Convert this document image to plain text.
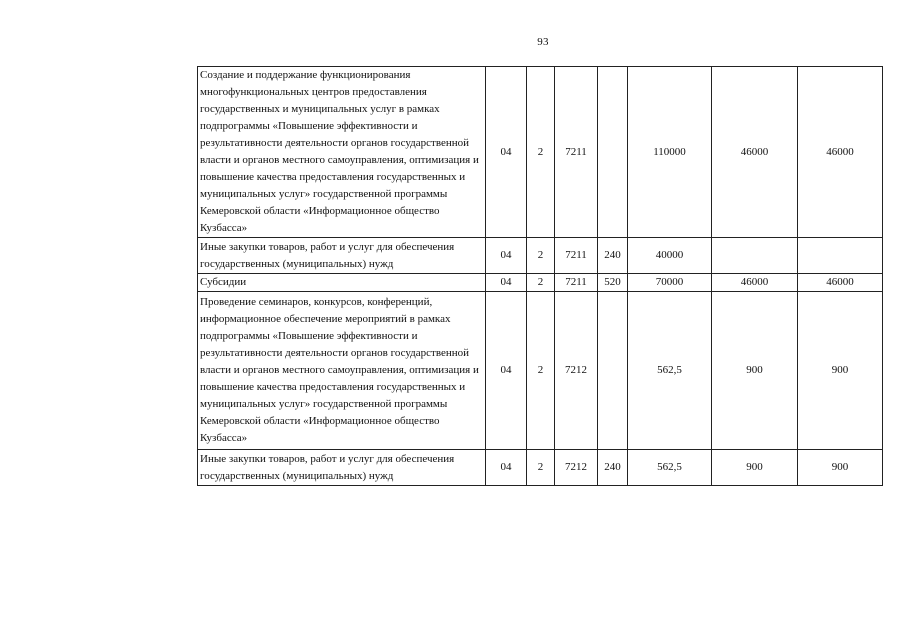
93
Создание и поддержание функционирования многофункциональных центров предоставления государственных и муниципальных услуг в рамках подпрограммы «Повышение эффективности и результативности деятельности органов государственной власти и органов местного самоуправления, оптимизация и повышение качества предоставления государственных и муниципальных услуг» государственной программы Кемеровской области «Информационное общество Кузбасса»	04	2	7211		110000	46000	46000
Иные закупки товаров, работ и услуг для обеспечения государственных (муниципальных) нужд	04	2	7211	240	40000		
Субсидии	04	2	7211	520	70000	46000	46000
Проведение семинаров, конкурсов, конференций, информационное обеспечение мероприятий в рамках подпрограммы «Повышение эффективности и результативности деятельности органов государственной власти и органов местного самоуправления, оптимизация и повышение качества предоставления государственных и муниципальных услуг» государственной программы Кемеровской области «Информационное общество Кузбасса»	04	2	7212		562,5	900	900
Иные закупки товаров, работ и услуг для обеспечения государственных (муниципальных) нужд	04	2	7212	240	562,5	900	900
